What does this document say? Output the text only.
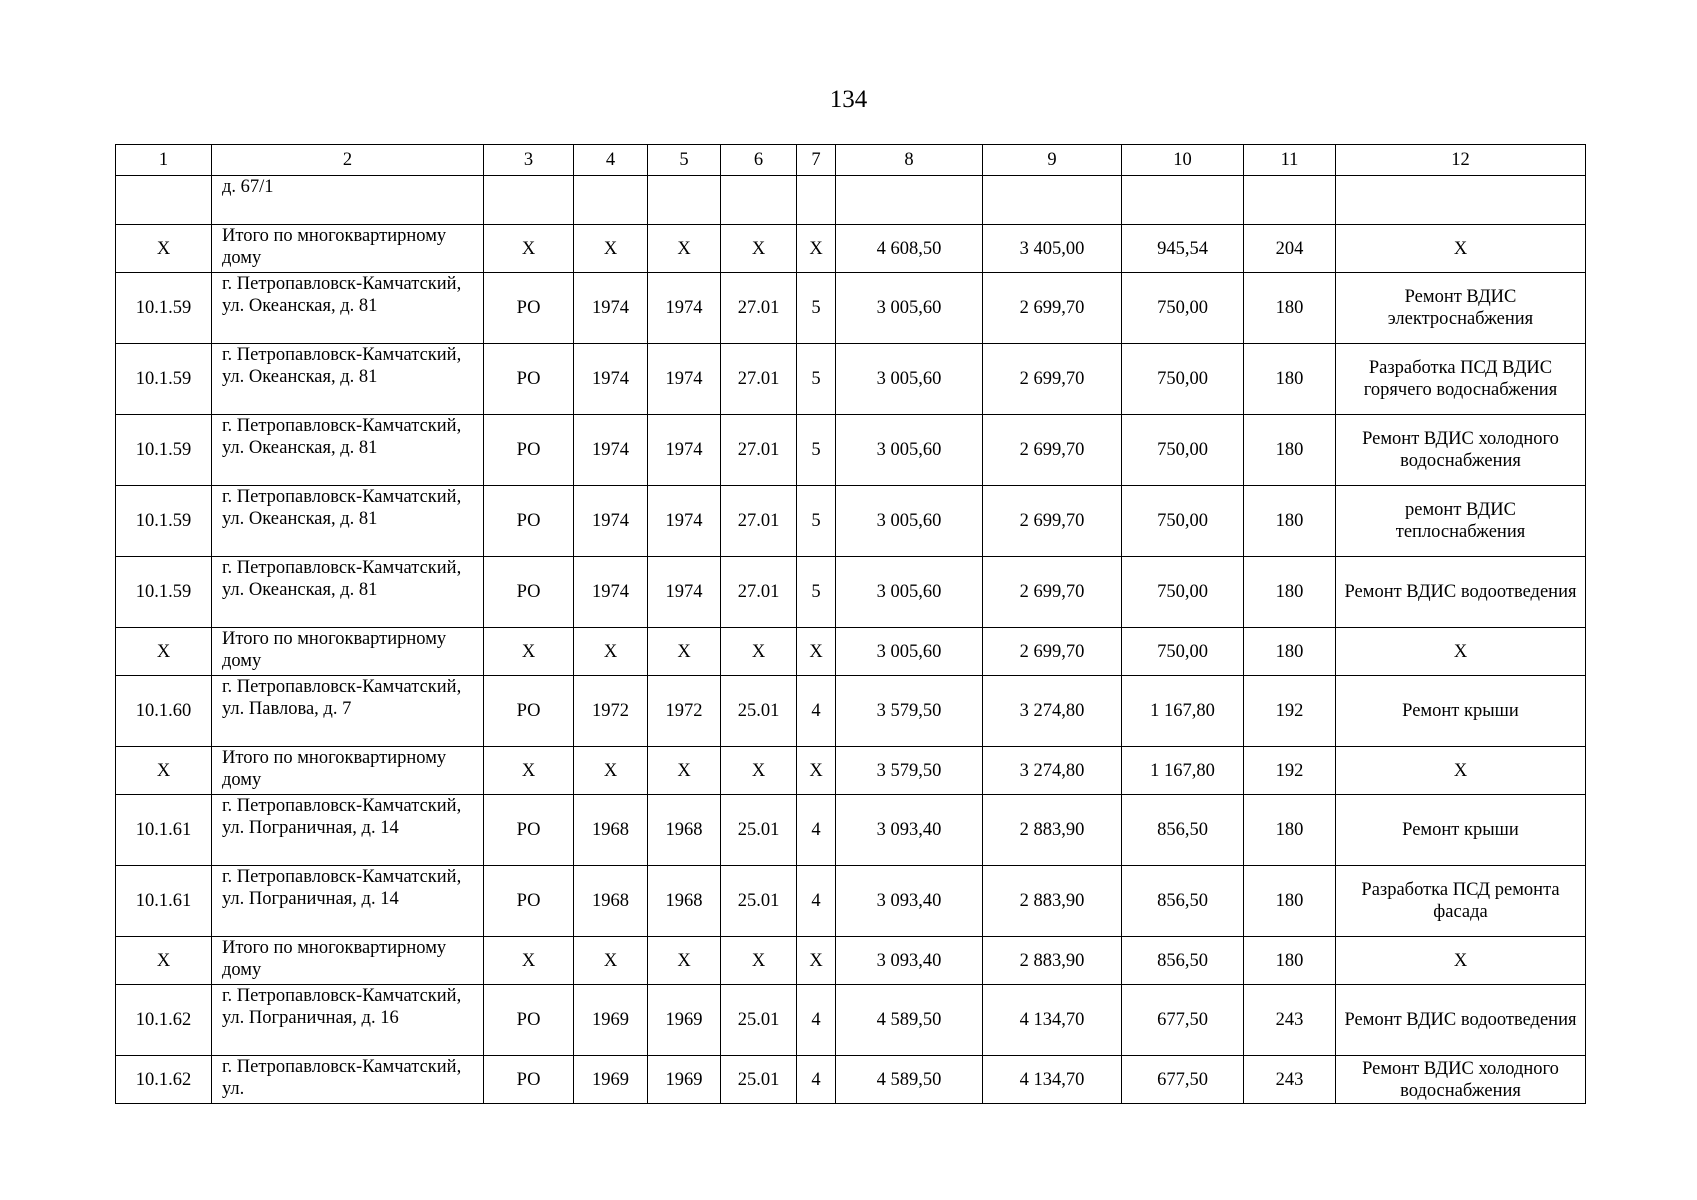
134
1	2	3	4	5	6	7	8	9	10	11	12
	д. 67/1										
X	Итого по многоквартирному дому	X	X	X	X	X	4 608,50	3 405,00	945,54	204	X
10.1.59	г. Петропавловск-Камчатский, ул. Океанская, д. 81	РО	1974	1974	27.01	5	3 005,60	2 699,70	750,00	180	Ремонт ВДИС электроснабжения
10.1.59	г. Петропавловск-Камчатский, ул. Океанская, д. 81	РО	1974	1974	27.01	5	3 005,60	2 699,70	750,00	180	Разработка ПСД ВДИС горячего водоснабжения
10.1.59	г. Петропавловск-Камчатский, ул. Океанская, д. 81	РО	1974	1974	27.01	5	3 005,60	2 699,70	750,00	180	Ремонт ВДИС холодного водоснабжения
10.1.59	г. Петропавловск-Камчатский, ул. Океанская, д. 81	РО	1974	1974	27.01	5	3 005,60	2 699,70	750,00	180	ремонт ВДИС теплоснабжения
10.1.59	г. Петропавловск-Камчатский, ул. Океанская, д. 81	РО	1974	1974	27.01	5	3 005,60	2 699,70	750,00	180	Ремонт ВДИС водоотведения
X	Итого по многоквартирному дому	X	X	X	X	X	3 005,60	2 699,70	750,00	180	X
10.1.60	г. Петропавловск-Камчатский, ул. Павлова, д. 7	РО	1972	1972	25.01	4	3 579,50	3 274,80	1 167,80	192	Ремонт крыши
X	Итого по многоквартирному дому	X	X	X	X	X	3 579,50	3 274,80	1 167,80	192	X
10.1.61	г. Петропавловск-Камчатский, ул. Пограничная, д. 14	РО	1968	1968	25.01	4	3 093,40	2 883,90	856,50	180	Ремонт крыши
10.1.61	г. Петропавловск-Камчатский, ул. Пограничная, д. 14	РО	1968	1968	25.01	4	3 093,40	2 883,90	856,50	180	Разработка ПСД ремонта фасада
X	Итого по многоквартирному дому	X	X	X	X	X	3 093,40	2 883,90	856,50	180	X
10.1.62	г. Петропавловск-Камчатский, ул. Пограничная, д. 16	РО	1969	1969	25.01	4	4 589,50	4 134,70	677,50	243	Ремонт ВДИС водоотведения
10.1.62	г. Петропавловск-Камчатский, ул.	РО	1969	1969	25.01	4	4 589,50	4 134,70	677,50	243	Ремонт ВДИС холодного водоснабжения
